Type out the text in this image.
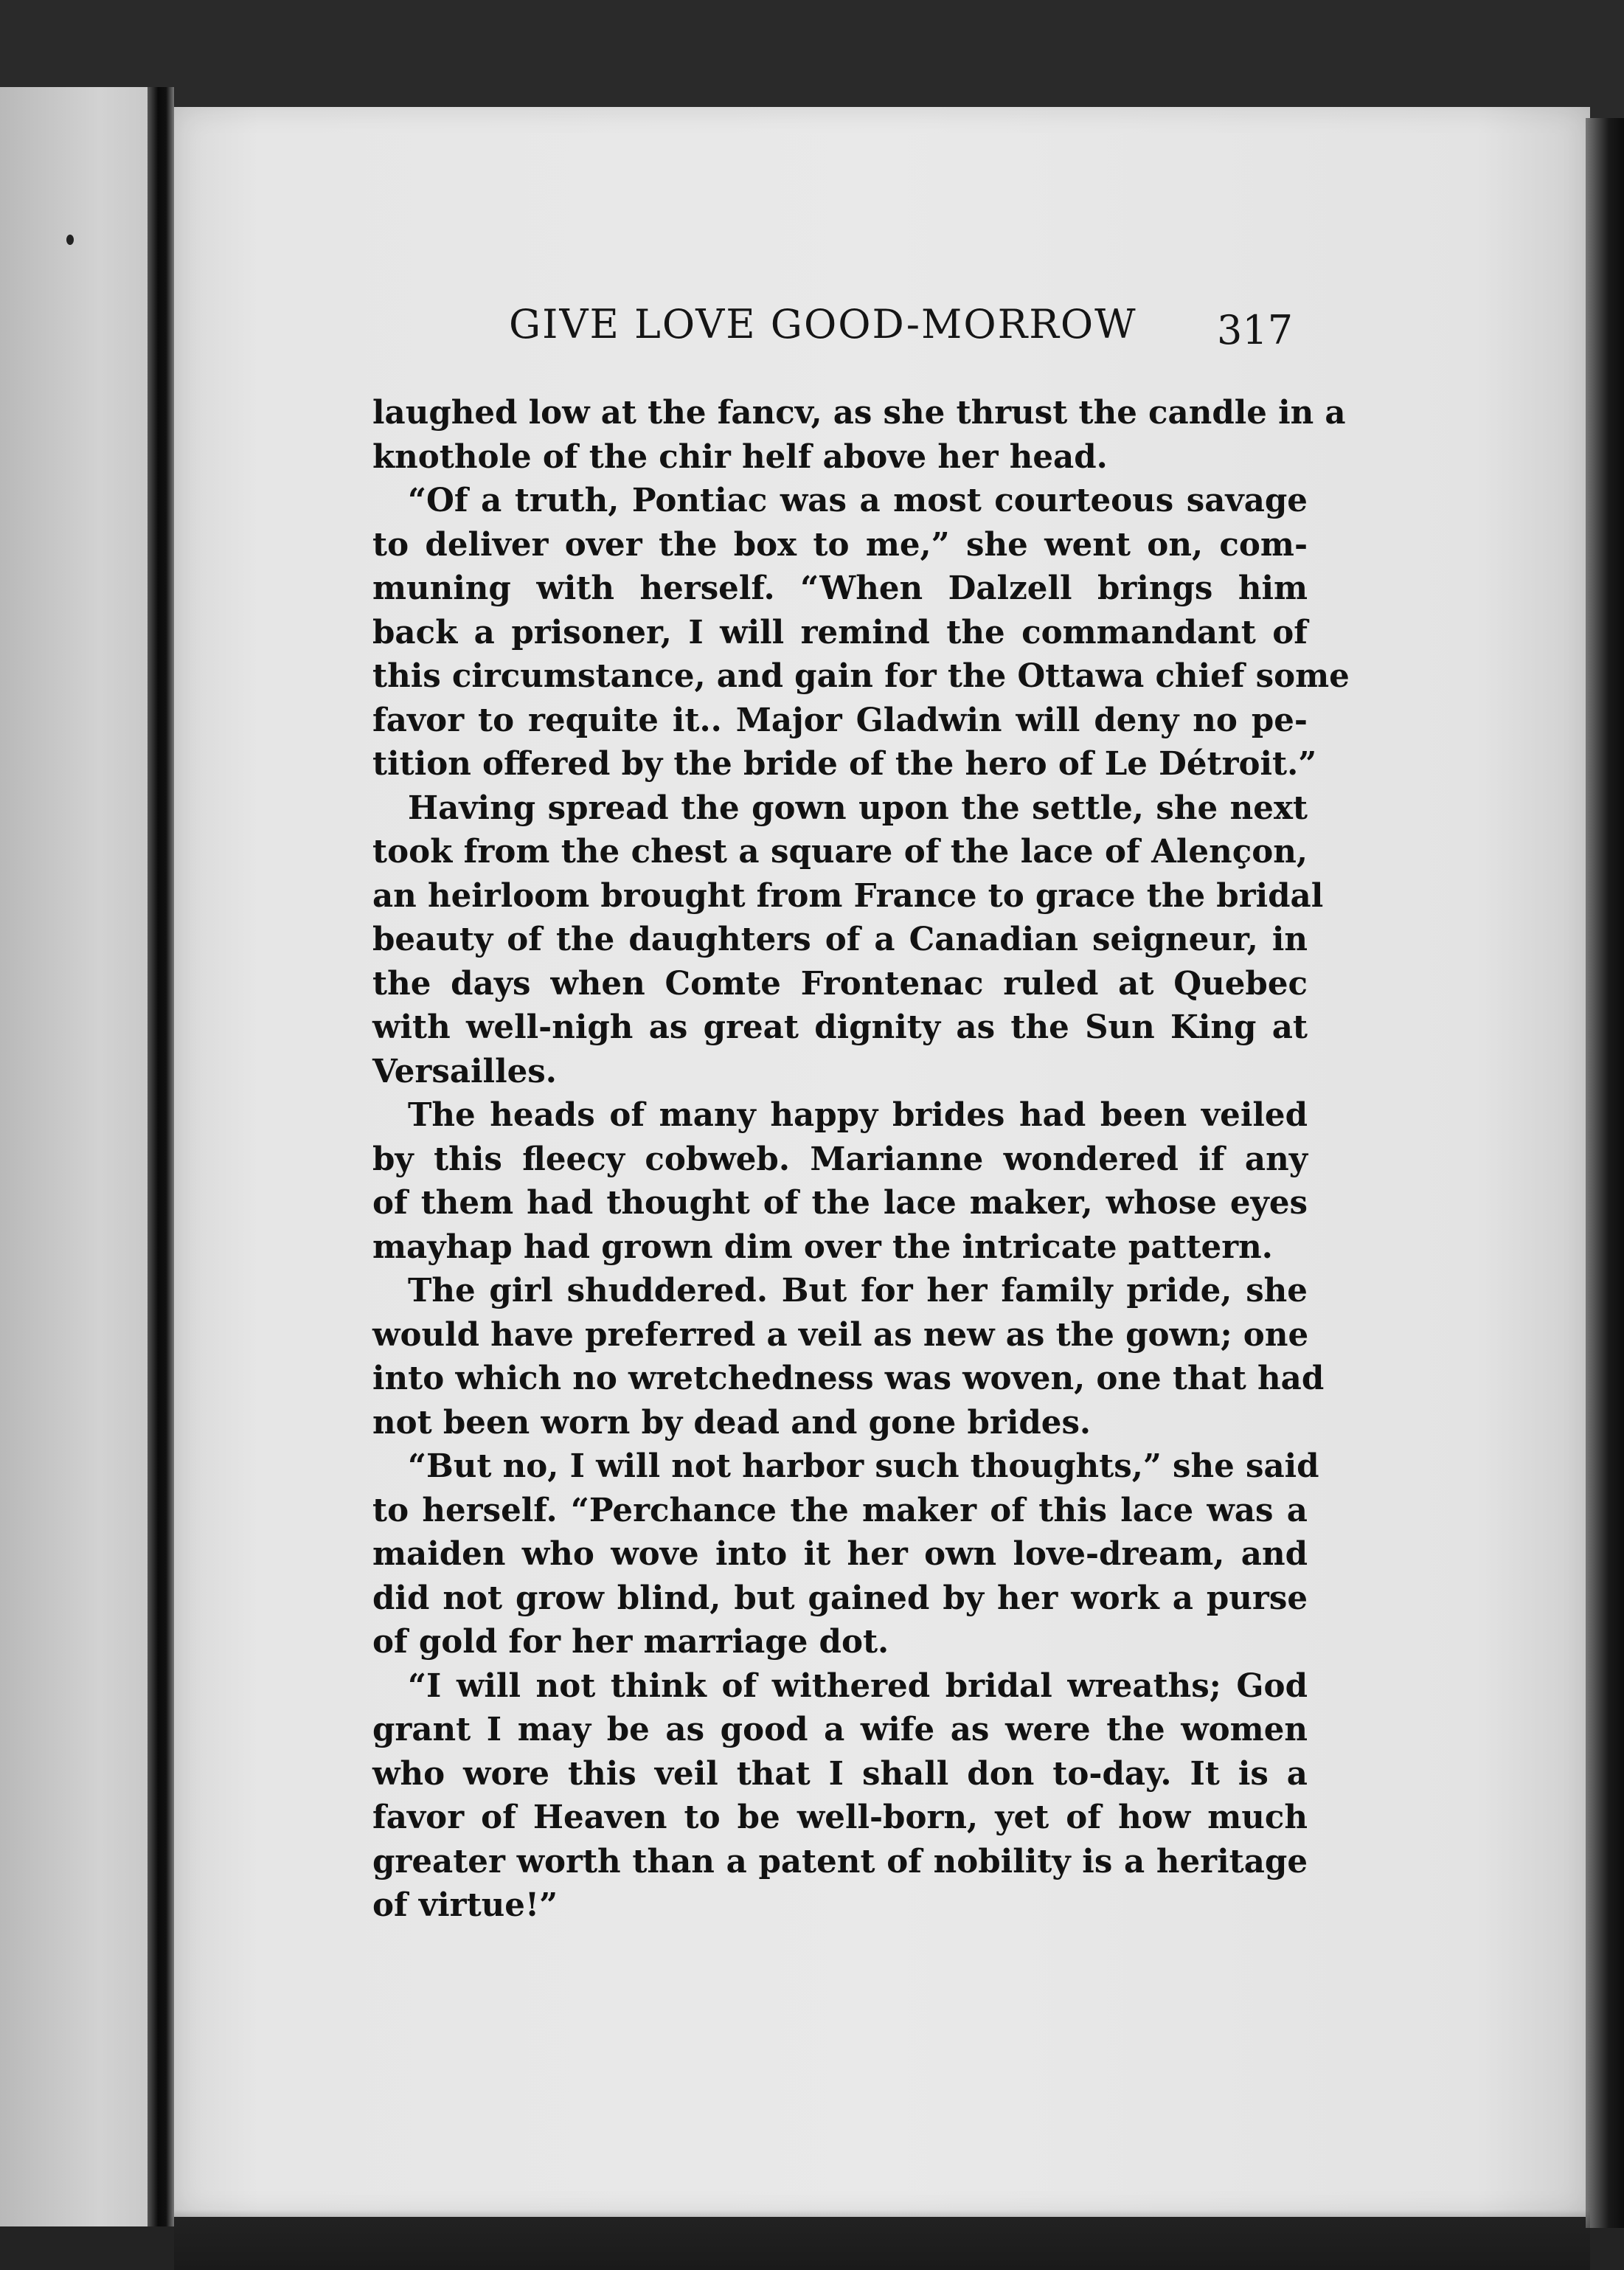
GIVE LOVE GOOD-MORROW 317
laughed low at the fancv, as she thrust the candle in a
knothole of the chir helf above her head.
“Of a truth, Pontiac was a most courteous savage
to deliver over the box to me,” she went on, com-
muning with herself. “When Dalzell brings him
back a prisoner, I will remind the commandant of
this circumstance, and gain for the Ottawa chief some
favor to requite it.. Major Gladwin will deny no pe-
tition offered by the bride of the hero of Le Détroit.”
Having spread the gown upon the settle, she next
took from the chest a square of the lace of Alençon,
an heirloom brought from France to grace the bridal
beauty of the daughters of a Canadian seigneur, in
the days when Comte Frontenac ruled at Quebec
with well-nigh as great dignity as the Sun King at
Versailles.
The heads of many happy brides had been veiled
by this fleecy cobweb. Marianne wondered if any
of them had thought of the lace maker, whose eyes
mayhap had grown dim over the intricate pattern.
The girl shuddered. But for her family pride, she
would have preferred a veil as new as the gown; one
into which no wretchedness was woven, one that had
not been worn by dead and gone brides.
“But no, I will not harbor such thoughts,” she said
to herself. “Perchance the maker of this lace was a
maiden who wove into it her own love-dream, and
did not grow blind, but gained by her work a purse
of gold for her marriage dot.
“I will not think of withered bridal wreaths; God
grant I may be as good a wife as were the women
who wore this veil that I shall don to-day. It is a
favor of Heaven to be well-born, yet of how much
greater worth than a patent of nobility is a heritage
of virtue!”
